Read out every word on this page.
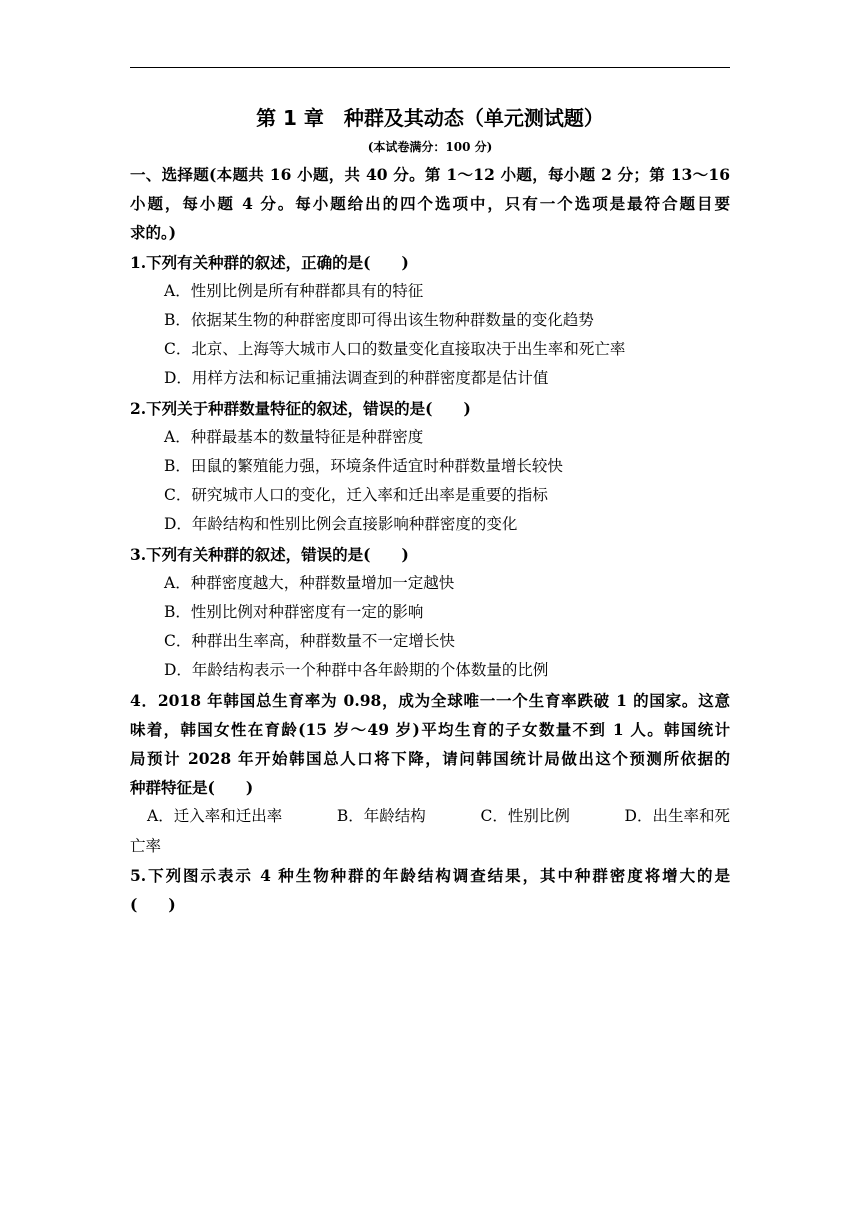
第 1 章　种群及其动态（单元测试题）

(本试卷满分：100 分)

一、选择题(本题共 16 小题，共 40 分。第 1～12 小题，每小题 2 分；第 13～16

小题，每小题 4 分。每小题给出的四个选项中，只有一个选项是最符合题目要

求的。)

1.下列有关种群的叙述，正确的是(　　)

A．性别比例是所有种群都具有的特征

B．依据某生物的种群密度即可得出该生物种群数量的变化趋势

C．北京、上海等大城市人口的数量变化直接取决于出生率和死亡率

D．用样方法和标记重捕法调查到的种群密度都是估计值

2.下列关于种群数量特征的叙述，错误的是(　　)

A．种群最基本的数量特征是种群密度

B．田鼠的繁殖能力强，环境条件适宜时种群数量增长较快

C．研究城市人口的变化，迁入率和迁出率是重要的指标

D．年龄结构和性别比例会直接影响种群密度的变化

3.下列有关种群的叙述，错误的是(　　)

A．种群密度越大，种群数量增加一定越快

B．性别比例对种群密度有一定的影响

C．种群出生率高，种群数量不一定增长快

D．年龄结构表示一个种群中各年龄期的个体数量的比例

4．2018 年韩国总生育率为 0.98，成为全球唯一一个生育率跌破 1 的国家。这意

味着，韩国女性在育龄(15 岁～49 岁)平均生育的子女数量不到 1 人。韩国统计

局预计 2028 年开始韩国总人口将下降，请问韩国统计局做出这个预测所依据的

种群特征是(　　)

A．迁入率和迁出率	B．年龄结构	C．性别比例	D．出生率和死

亡率

5.下列图示表示 4 种生物种群的年龄结构调查结果，其中种群密度将增大的是

(　　)
